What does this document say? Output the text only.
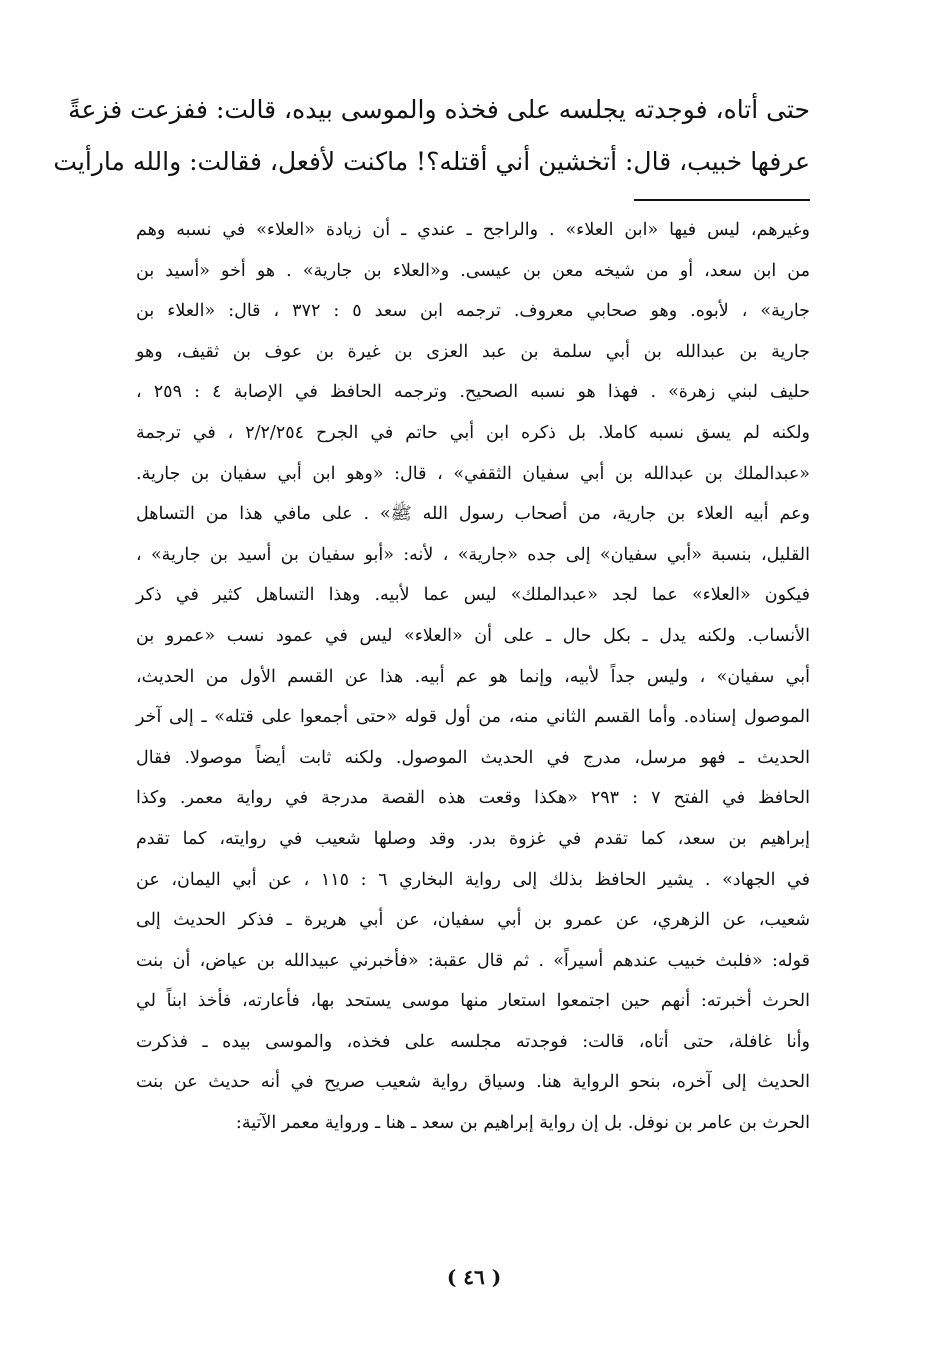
حتى أتاه، فوجدته يجلسه على فخذه والموسى بيده، قالت: ففزعت فزعةً
عرفها خبيب، قال: أتخشين أني أقتله؟! ماكنت لأفعل، فقالت: والله مارأيت
وغيرهم، ليس فيها «ابن العلاء» . والراجح ـ عندي ـ أن زيادة «العلاء» في نسبه وهم
من ابن سعد، أو من شيخه معن بن عيسى. و«العلاء بن جارية» . هو أخو «أسيد بن
جارية» ، لأبوه. وهو صحابي معروف. ترجمه ابن سعد ٥ : ٣٧٢ ، قال: «العلاء بن
جارية بن عبدالله بن أبي سلمة بن عبد العزى بن غيرة بن عوف بن ثقيف، وهو
حليف لبني زهرة» . فهذا هو نسبه الصحيح. وترجمه الحافظ في الإصابة ٤ : ٢٥٩ ،
ولكنه لم يسق نسبه كاملا. بل ذكره ابن أبي حاتم في الجرح ٢/٢/٢٥٤ ، في ترجمة
«عبدالملك بن عبدالله بن أبي سفيان الثقفي» ، قال: «وهو ابن أبي سفيان بن جارية.
وعم أبيه العلاء بن جارية، من أصحاب رسول الله ﷺ» . على مافي هذا من التساهل
القليل، بنسبة «أبي سفيان» إلى جده «جارية» ، لأنه: «أبو سفيان بن أسيد بن جارية» ،
فيكون «العلاء» عما لجد «عبدالملك» ليس عما لأبيه. وهذا التساهل كثير في ذكر
الأنساب. ولكنه يدل ـ بكل حال ـ على أن «العلاء» ليس في عمود نسب «عمرو بن
أبي سفيان» ، وليس جداً لأبيه، وإنما هو عم أبيه. هذا عن القسم الأول من الحديث،
الموصول إسناده. وأما القسم الثاني منه، من أول قوله «حتى أجمعوا على قتله» ـ إلى آخر
الحديث ـ فهو مرسل، مدرج في الحديث الموصول. ولكنه ثابت أيضاً موصولا. فقال
الحافظ في الفتح ٧ : ٢٩٣ «هكذا وقعت هذه القصة مدرجة في رواية معمر. وكذا
إبراهيم بن سعد، كما تقدم في غزوة بدر. وقد وصلها شعيب في روايته، كما تقدم
في الجهاد» . يشير الحافظ بذلك إلى رواية البخاري ٦ : ١١٥ ، عن أبي اليمان، عن
شعيب، عن الزهري، عن عمرو بن أبي سفيان، عن أبي هريرة ـ فذكر الحديث إلى
قوله: «فلبث خبيب عندهم أسيراً» . ثم قال عقبة: «فأخبرني عبيدالله بن عياض، أن بنت
الحرث أخبرته: أنهم حين اجتمعوا استعار منها موسى يستحد بها، فأعارته، فأخذ ابناً لي
وأنا غافلة، حتى أتاه، قالت: فوجدته مجلسه على فخذه، والموسى بيده ـ فذكرت
الحديث إلى آخره، بنحو الرواية هنا. وسياق رواية شعيب صريح في أنه حديث عن بنت
الحرث بن عامر بن نوفل. بل إن رواية إبراهيم بن سعد ـ هنا ـ ورواية معمر الآتية:
( ٤٦ )
